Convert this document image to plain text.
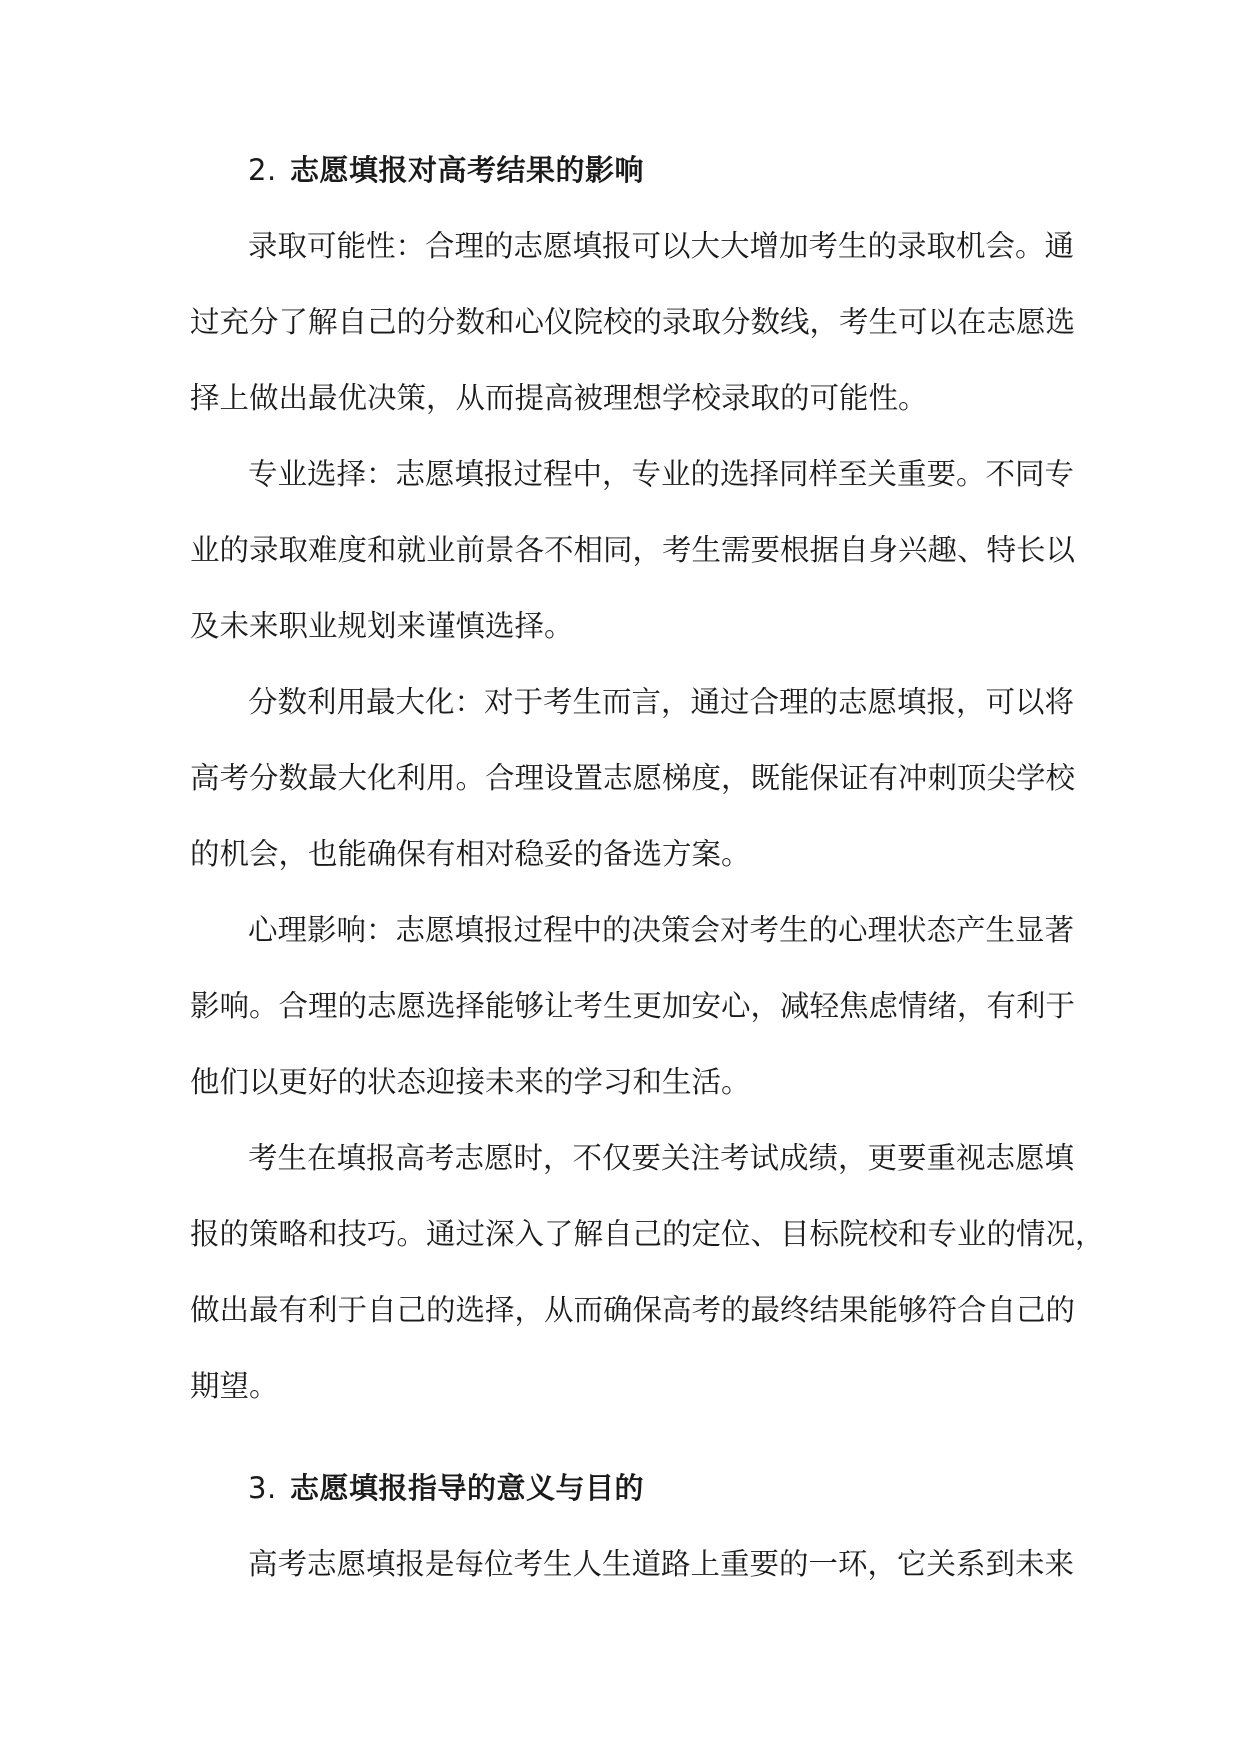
2. 志愿填报对高考结果的影响
录取可能性：合理的志愿填报可以大大增加考生的录取机会。通
过充分了解自己的分数和心仪院校的录取分数线，考生可以在志愿选
择上做出最优决策，从而提高被理想学校录取的可能性。
专业选择：志愿填报过程中，专业的选择同样至关重要。不同专
业的录取难度和就业前景各不相同，考生需要根据自身兴趣、特长以
及未来职业规划来谨慎选择。
分数利用最大化：对于考生而言，通过合理的志愿填报，可以将
高考分数最大化利用。合理设置志愿梯度，既能保证有冲刺顶尖学校
的机会，也能确保有相对稳妥的备选方案。
心理影响：志愿填报过程中的决策会对考生的心理状态产生显著
影响。合理的志愿选择能够让考生更加安心，减轻焦虑情绪，有利于
他们以更好的状态迎接未来的学习和生活。
考生在填报高考志愿时，不仅要关注考试成绩，更要重视志愿填
报的策略和技巧。通过深入了解自己的定位、目标院校和专业的情况，
做出最有利于自己的选择，从而确保高考的最终结果能够符合自己的
期望。
3. 志愿填报指导的意义与目的
高考志愿填报是每位考生人生道路上重要的一环，它关系到未来
